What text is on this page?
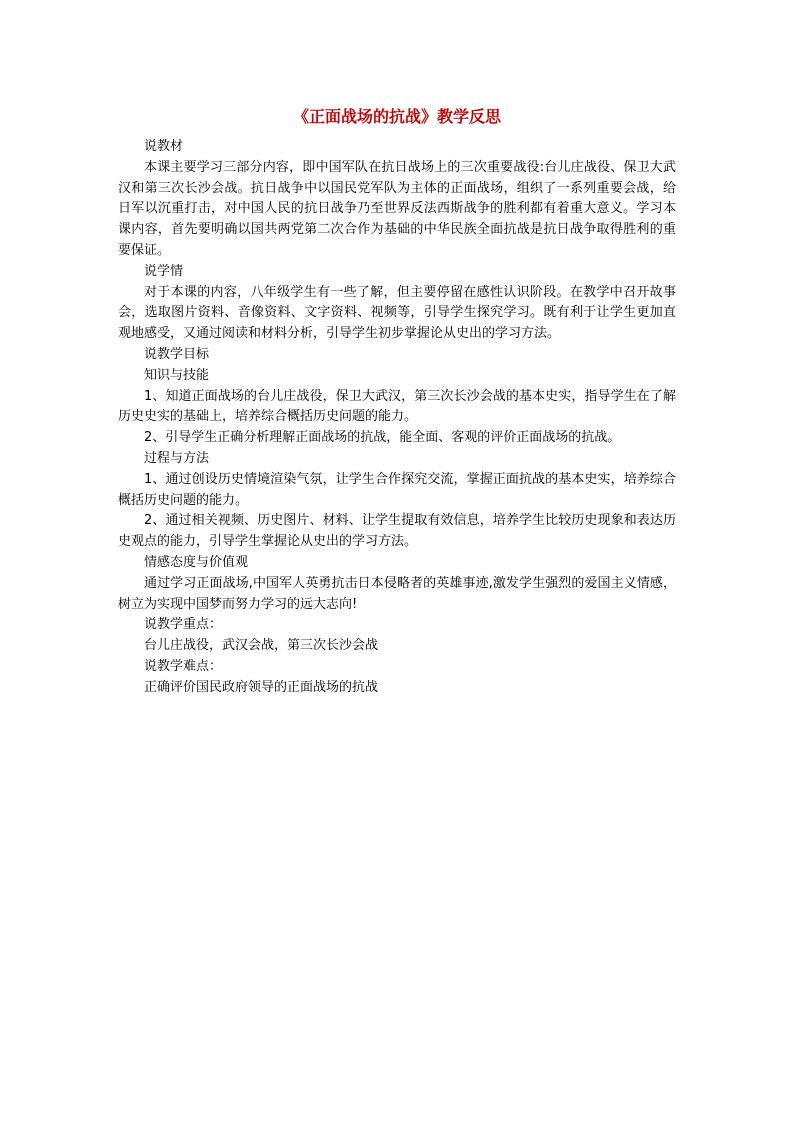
《正面战场的抗战》教学反思

说教材

本课主要学习三部分内容，即中国军队在抗日战场上的三次重要战役:台儿庄战役、保卫大武汉和第三次长沙会战。抗日战争中以国民党军队为主体的正面战场，组织了一系列重要会战，给日军以沉重打击，对中国人民的抗日战争乃至世界反法西斯战争的胜利都有着重大意义。学习本课内容，首先要明确以国共两党第二次合作为基础的中华民族全面抗战是抗日战争取得胜利的重要保证。

说学情

对于本课的内容，八年级学生有一些了解，但主要停留在感性认识阶段。在教学中召开故事会，选取图片资料、音像资料、文字资料、视频等，引导学生探究学习。既有利于让学生更加直观地感受，又通过阅读和材料分析，引导学生初步掌握论从史出的学习方法。

说教学目标

知识与技能

1、知道正面战场的台儿庄战役，保卫大武汉，第三次长沙会战的基本史实，指导学生在了解历史史实的基础上，培养综合概括历史问题的能力。

2、引导学生正确分析理解正面战场的抗战，能全面、客观的评价正面战场的抗战。

过程与方法

1、通过创设历史情境渲染气氛，让学生合作探究交流，掌握正面抗战的基本史实，培养综合概括历史问题的能力。

2、通过相关视频、历史图片、材料、让学生提取有效信息，培养学生比较历史现象和表达历史观点的能力，引导学生掌握论从史出的学习方法。

情感态度与价值观

通过学习正面战场,中国军人英勇抗击日本侵略者的英雄事迹,激发学生强烈的爱国主义情感，树立为实现中国梦而努力学习的远大志向!

说教学重点：

台儿庄战役，武汉会战，第三次长沙会战

说教学难点：

正确评价国民政府领导的正面战场的抗战
